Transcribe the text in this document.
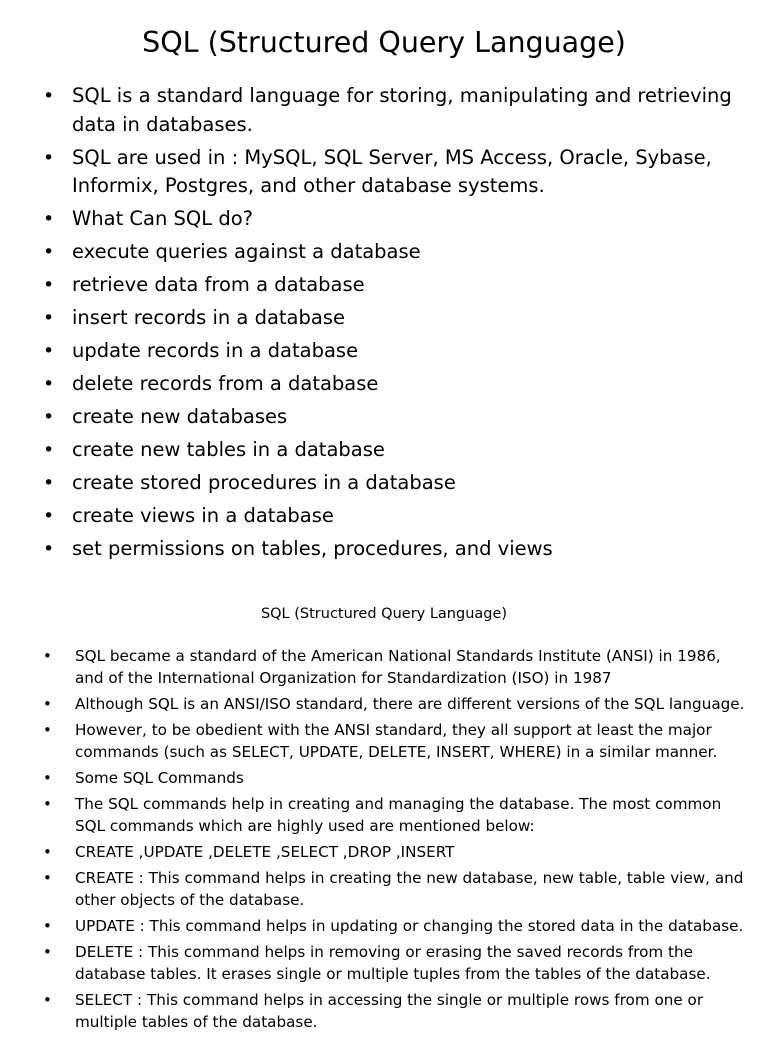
SQL (Structured Query Language)
• SQL is a standard language for storing, manipulating and retrieving data in databases.
• SQL are used in : MySQL, SQL Server, MS Access, Oracle, Sybase, Informix, Postgres, and other database systems.
• What Can SQL do?
• execute queries against a database
• retrieve data from a database
• insert records in a database
• update records in a database
• delete records from a database
• create new databases
• create new tables in a database
• create stored procedures in a database
• create views in a database
• set permissions on tables, procedures, and views
SQL (Structured Query Language)
• SQL became a standard of the American National Standards Institute (ANSI) in 1986, and of the International Organization for Standardization (ISO) in 1987
• Although SQL is an ANSI/ISO standard, there are different versions of the SQL language.
• However, to be obedient with the ANSI standard, they all support at least the major commands (such as SELECT, UPDATE, DELETE, INSERT, WHERE) in a similar manner.
• Some SQL Commands
• The SQL commands help in creating and managing the database. The most common SQL commands which are highly used are mentioned below:
• CREATE ,UPDATE ,DELETE ,SELECT ,DROP ,INSERT
• CREATE : This command helps in creating the new database, new table, table view, and other objects of the database.
• UPDATE : This command helps in updating or changing the stored data in the database.
• DELETE : This command helps in removing or erasing the saved records from the database tables. It erases single or multiple tuples from the tables of the database.
• SELECT : This command helps in accessing the single or multiple rows from one or multiple tables of the database.
